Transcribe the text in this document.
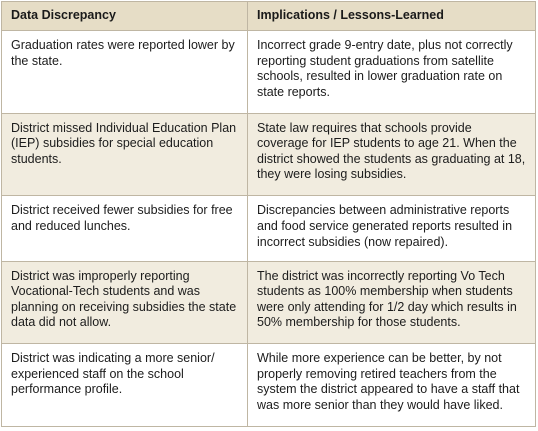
Data Discrepancy	Implications / Lessons-Learned
Graduation rates were reported lower by the state.	Incorrect grade 9-entry date, plus not correctly reporting student graduations from satellite schools, resulted in lower graduation rate on state reports.
District missed Individual Education Plan (IEP) subsidies for special education students.	State law requires that schools provide coverage for IEP students to age 21. When the district showed the students as graduating at 18, they were losing subsidies.
District received fewer subsidies for free and reduced lunches.	Discrepancies between administrative reports and food service generated reports resulted in incorrect subsidies (now repaired).
District was improperly reporting Vocational-Tech students and was planning on receiving subsidies the state data did not allow.	The district was incorrectly reporting Vo Tech students as 100% membership when students were only attending for 1/2 day which results in 50% membership for those students.
District was indicating a more senior/ experienced staff on the school performance profile.	While more experience can be better, by not properly removing retired teachers from the system the district appeared to have a staff that was more senior than they would have liked.
